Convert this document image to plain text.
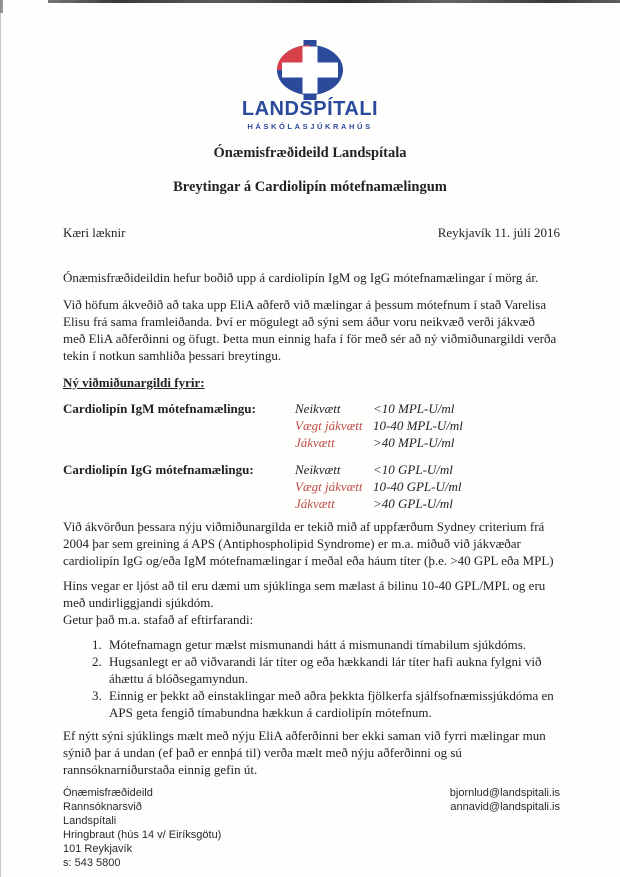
LANDSPÍTALI
HÁSKÓLASJÚKRAHÚS
Ónæmisfræðideild Landspítala
Breytingar á Cardiolipín mótefnamælingum
Kæri læknir	Reykjavík 11. júlí 2016

Ónæmisfræðideildin hefur boðið upp á cardiolipín IgM og IgG mótefnamælingar í mörg ár.

Við höfum ákveðið að taka upp EliA aðferð við mælingar á þessum mótefnum í stað Varelisa Elisu frá sama framleiðanda. Því er mögulegt að sýni sem áður voru neikvæð verði jákvæð með EliA aðferðinni og öfugt. Þetta mun einnig hafa í för með sér að ný viðmiðunargildi verða tekin í notkun samhliða þessari breytingu.

Ný viðmiðunargildi fyrir:
Cardiolipín IgM mótefnamælingu:	Neikvætt	<10 MPL-U/ml
Vægt jákvætt 10-40 MPL-U/ml
Jákvætt	>40 MPL-U/ml
Cardiolipín IgG mótefnamælingu:	Neikvætt	<10 GPL-U/ml
Vægt jákvætt 10-40 GPL-U/ml
Jákvætt	>40 GPL-U/ml

Við ákvörðun þessara nýju viðmiðunargilda er tekið mið af uppfærðum Sydney criterium frá 2004 þar sem greining á APS (Antiphospholipid Syndrome) er m.a. miðuð við jákvæðar cardiolipín IgG og/eða IgM mótefnamælingar í meðal eða háum títer (þ.e. >40 GPL eða MPL)

Hins vegar er ljóst að til eru dæmi um sjúklinga sem mælast á bilinu 10-40 GPL/MPL og eru með undirliggjandi sjúkdóm.
Getur það m.a. stafað af eftirfarandi:
1. Mótefnamagn getur mælst mismunandi hátt á mismunandi tímabilum sjúkdóms.
2. Hugsanlegt er að viðvarandi lár títer og eða hækkandi lár títer hafi aukna fylgni við áhættu á blóðsegamyndun.
3. Einnig er þekkt að einstaklingar með aðra þekkta fjölkerfa sjálfsofnæmissjúkdóma en APS geta fengið tímabundna hækkun á cardiolipín mótefnum.

Ef nýtt sýni sjúklings mælt með nýju EliA aðferðinni ber ekki saman við fyrri mælingar mun sýnið þar á undan (ef það er ennþá til) verða mælt með nýju aðferðinni og sú rannsóknarniðurstaða einnig gefin út.

Ónæmisfræðideild
Rannsóknarsvið
Landspítali
Hringbraut (hús 14 v/ Eiríksgötu)
101 Reykjavík
s: 543 5800
bjornlud@landspitali.is
annavid@landspitali.is
